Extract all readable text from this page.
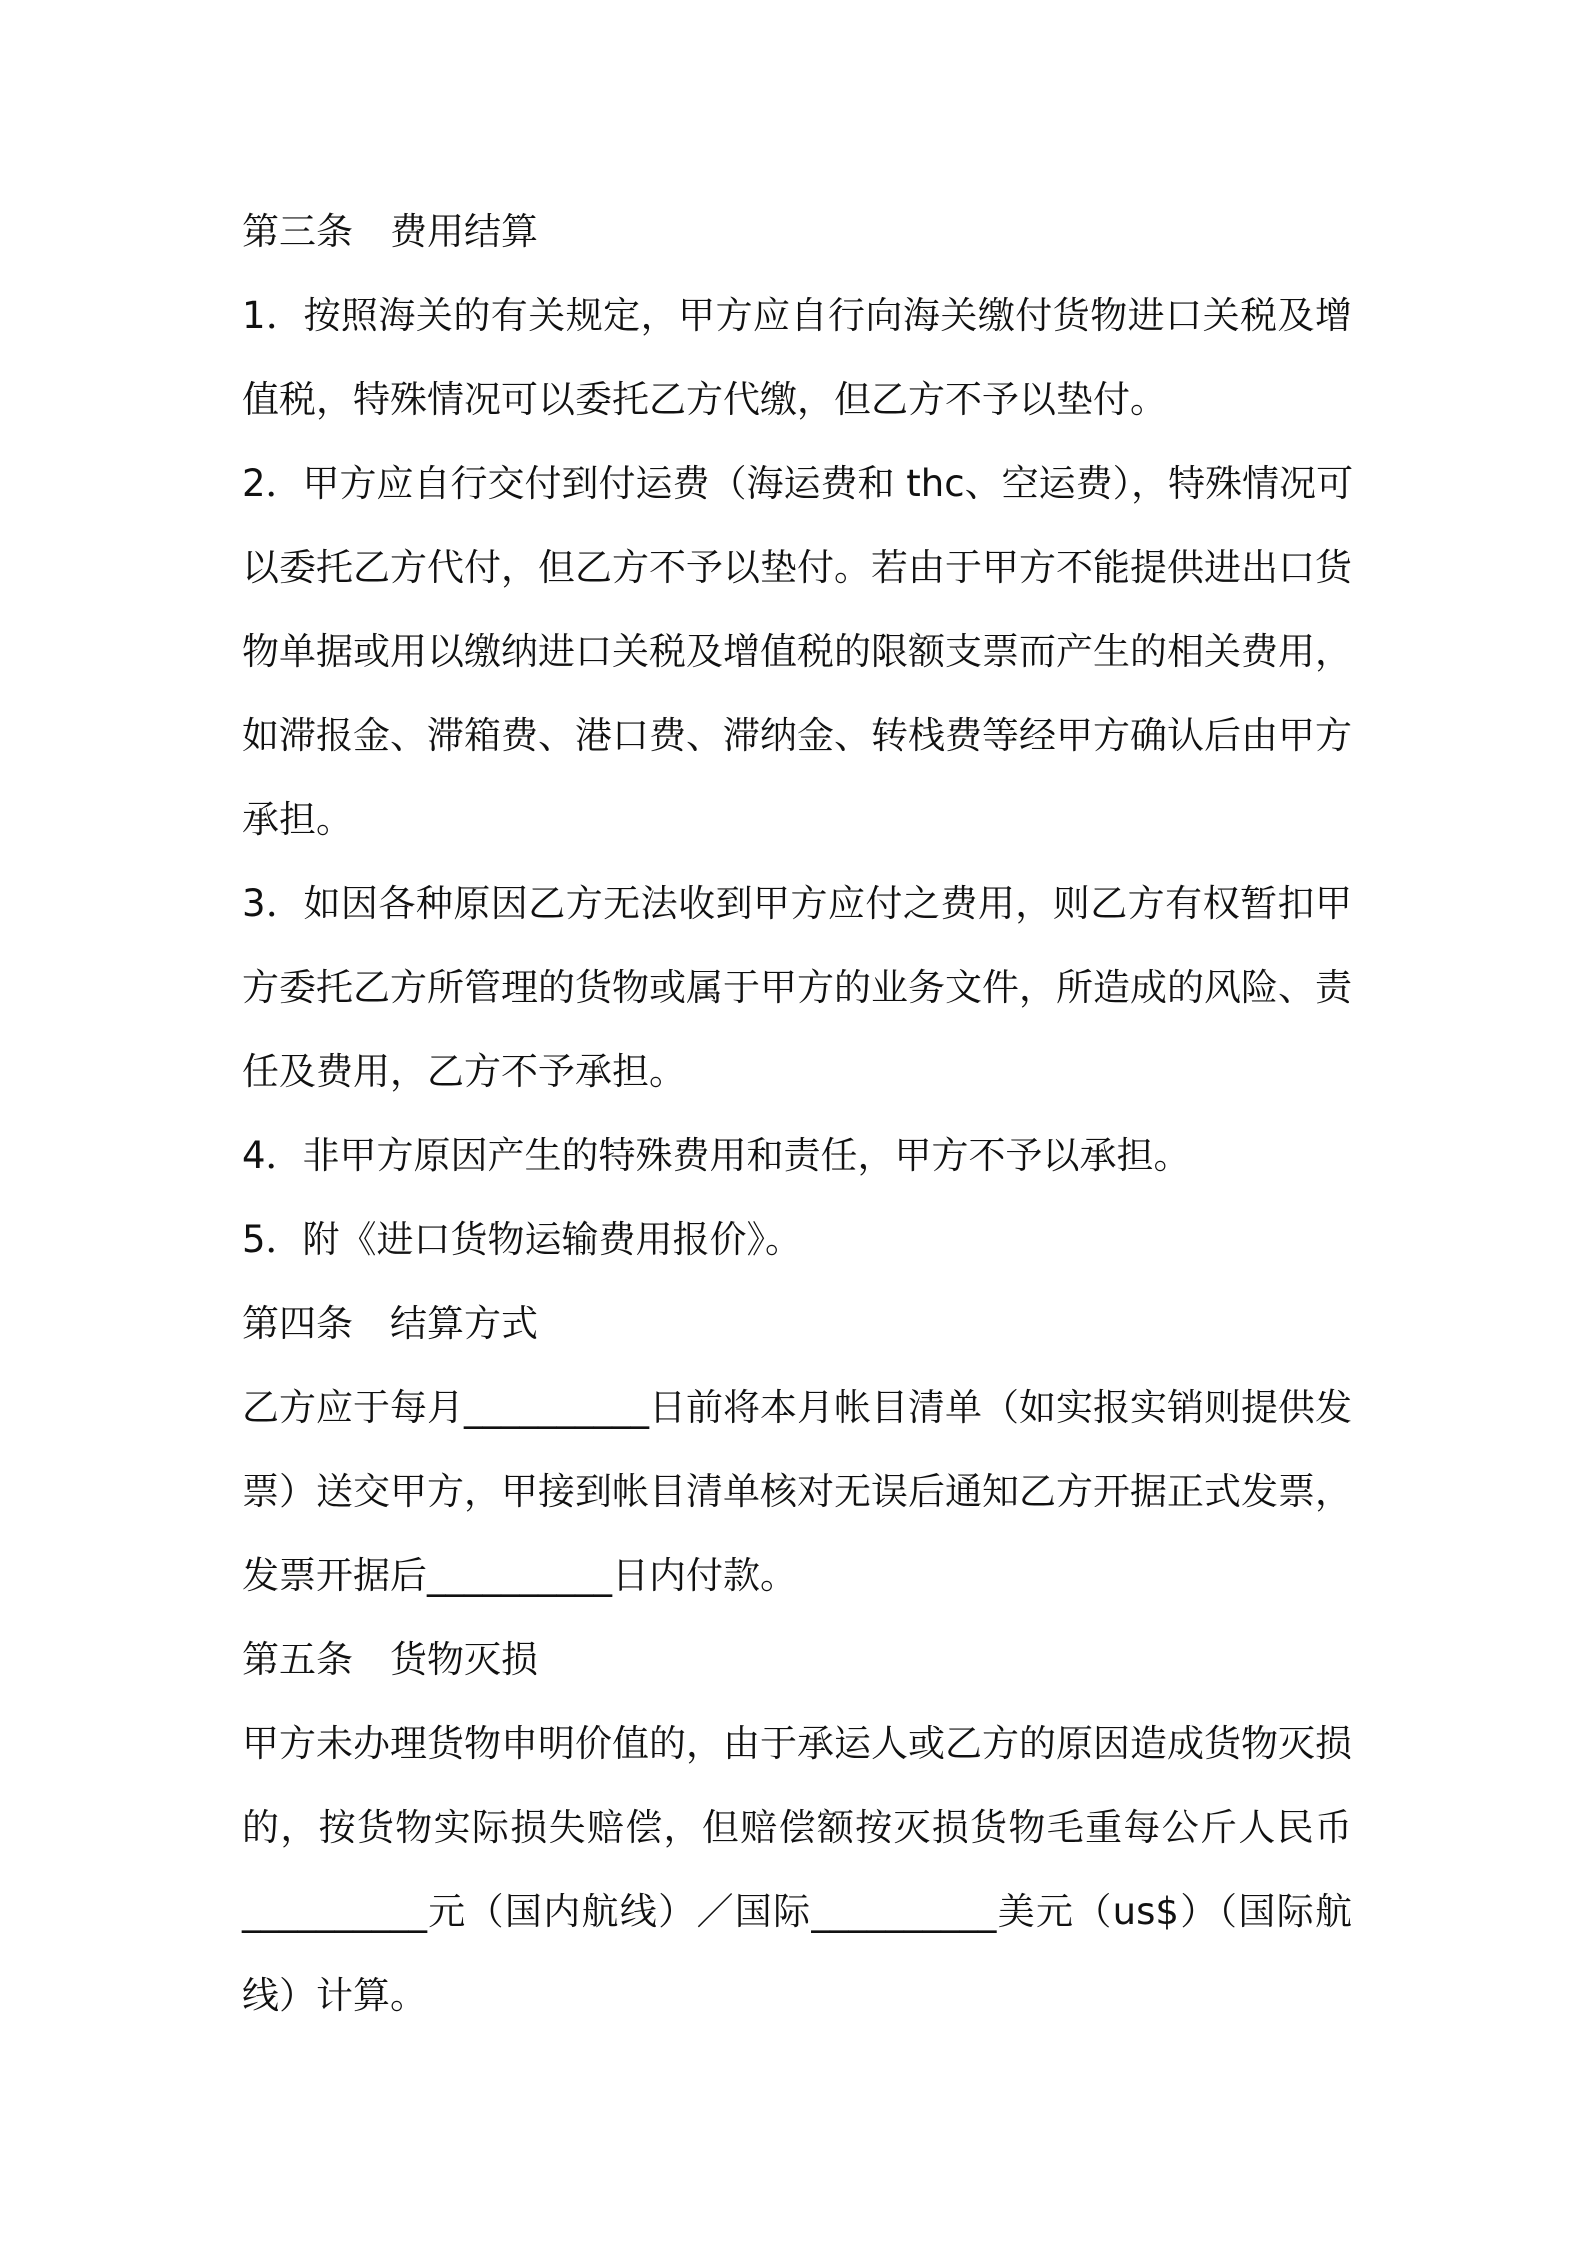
第三条　费用结算
1．按照海关的有关规定，甲方应自行向海关缴付货物进口关税及增
值税，特殊情况可以委托乙方代缴，但乙方不予以垫付。
2．甲方应自行交付到付运费（海运费和 thc、空运费），特殊情况可
以委托乙方代付，但乙方不予以垫付。若由于甲方不能提供进出口货
物单据或用以缴纳进口关税及增值税的限额支票而产生的相关费用，
如滞报金、滞箱费、港口费、滞纳金、转栈费等经甲方确认后由甲方
承担。
3．如因各种原因乙方无法收到甲方应付之费用，则乙方有权暂扣甲
方委托乙方所管理的货物或属于甲方的业务文件，所造成的风险、责
任及费用，乙方不予承担。
4．非甲方原因产生的特殊费用和责任，甲方不予以承担。
5．附《进口货物运输费用报价》。
第四条　结算方式
乙方应于每月__________日前将本月帐目清单（如实报实销则提供发
票）送交甲方，甲接到帐目清单核对无误后通知乙方开据正式发票，
发票开据后__________日内付款。
第五条　货物灭损
甲方未办理货物申明价值的，由于承运人或乙方的原因造成货物灭损
的，按货物实际损失赔偿，但赔偿额按灭损货物毛重每公斤人民币
__________元（国内航线）／国际__________美元（us$）（国际航
线）计算。
